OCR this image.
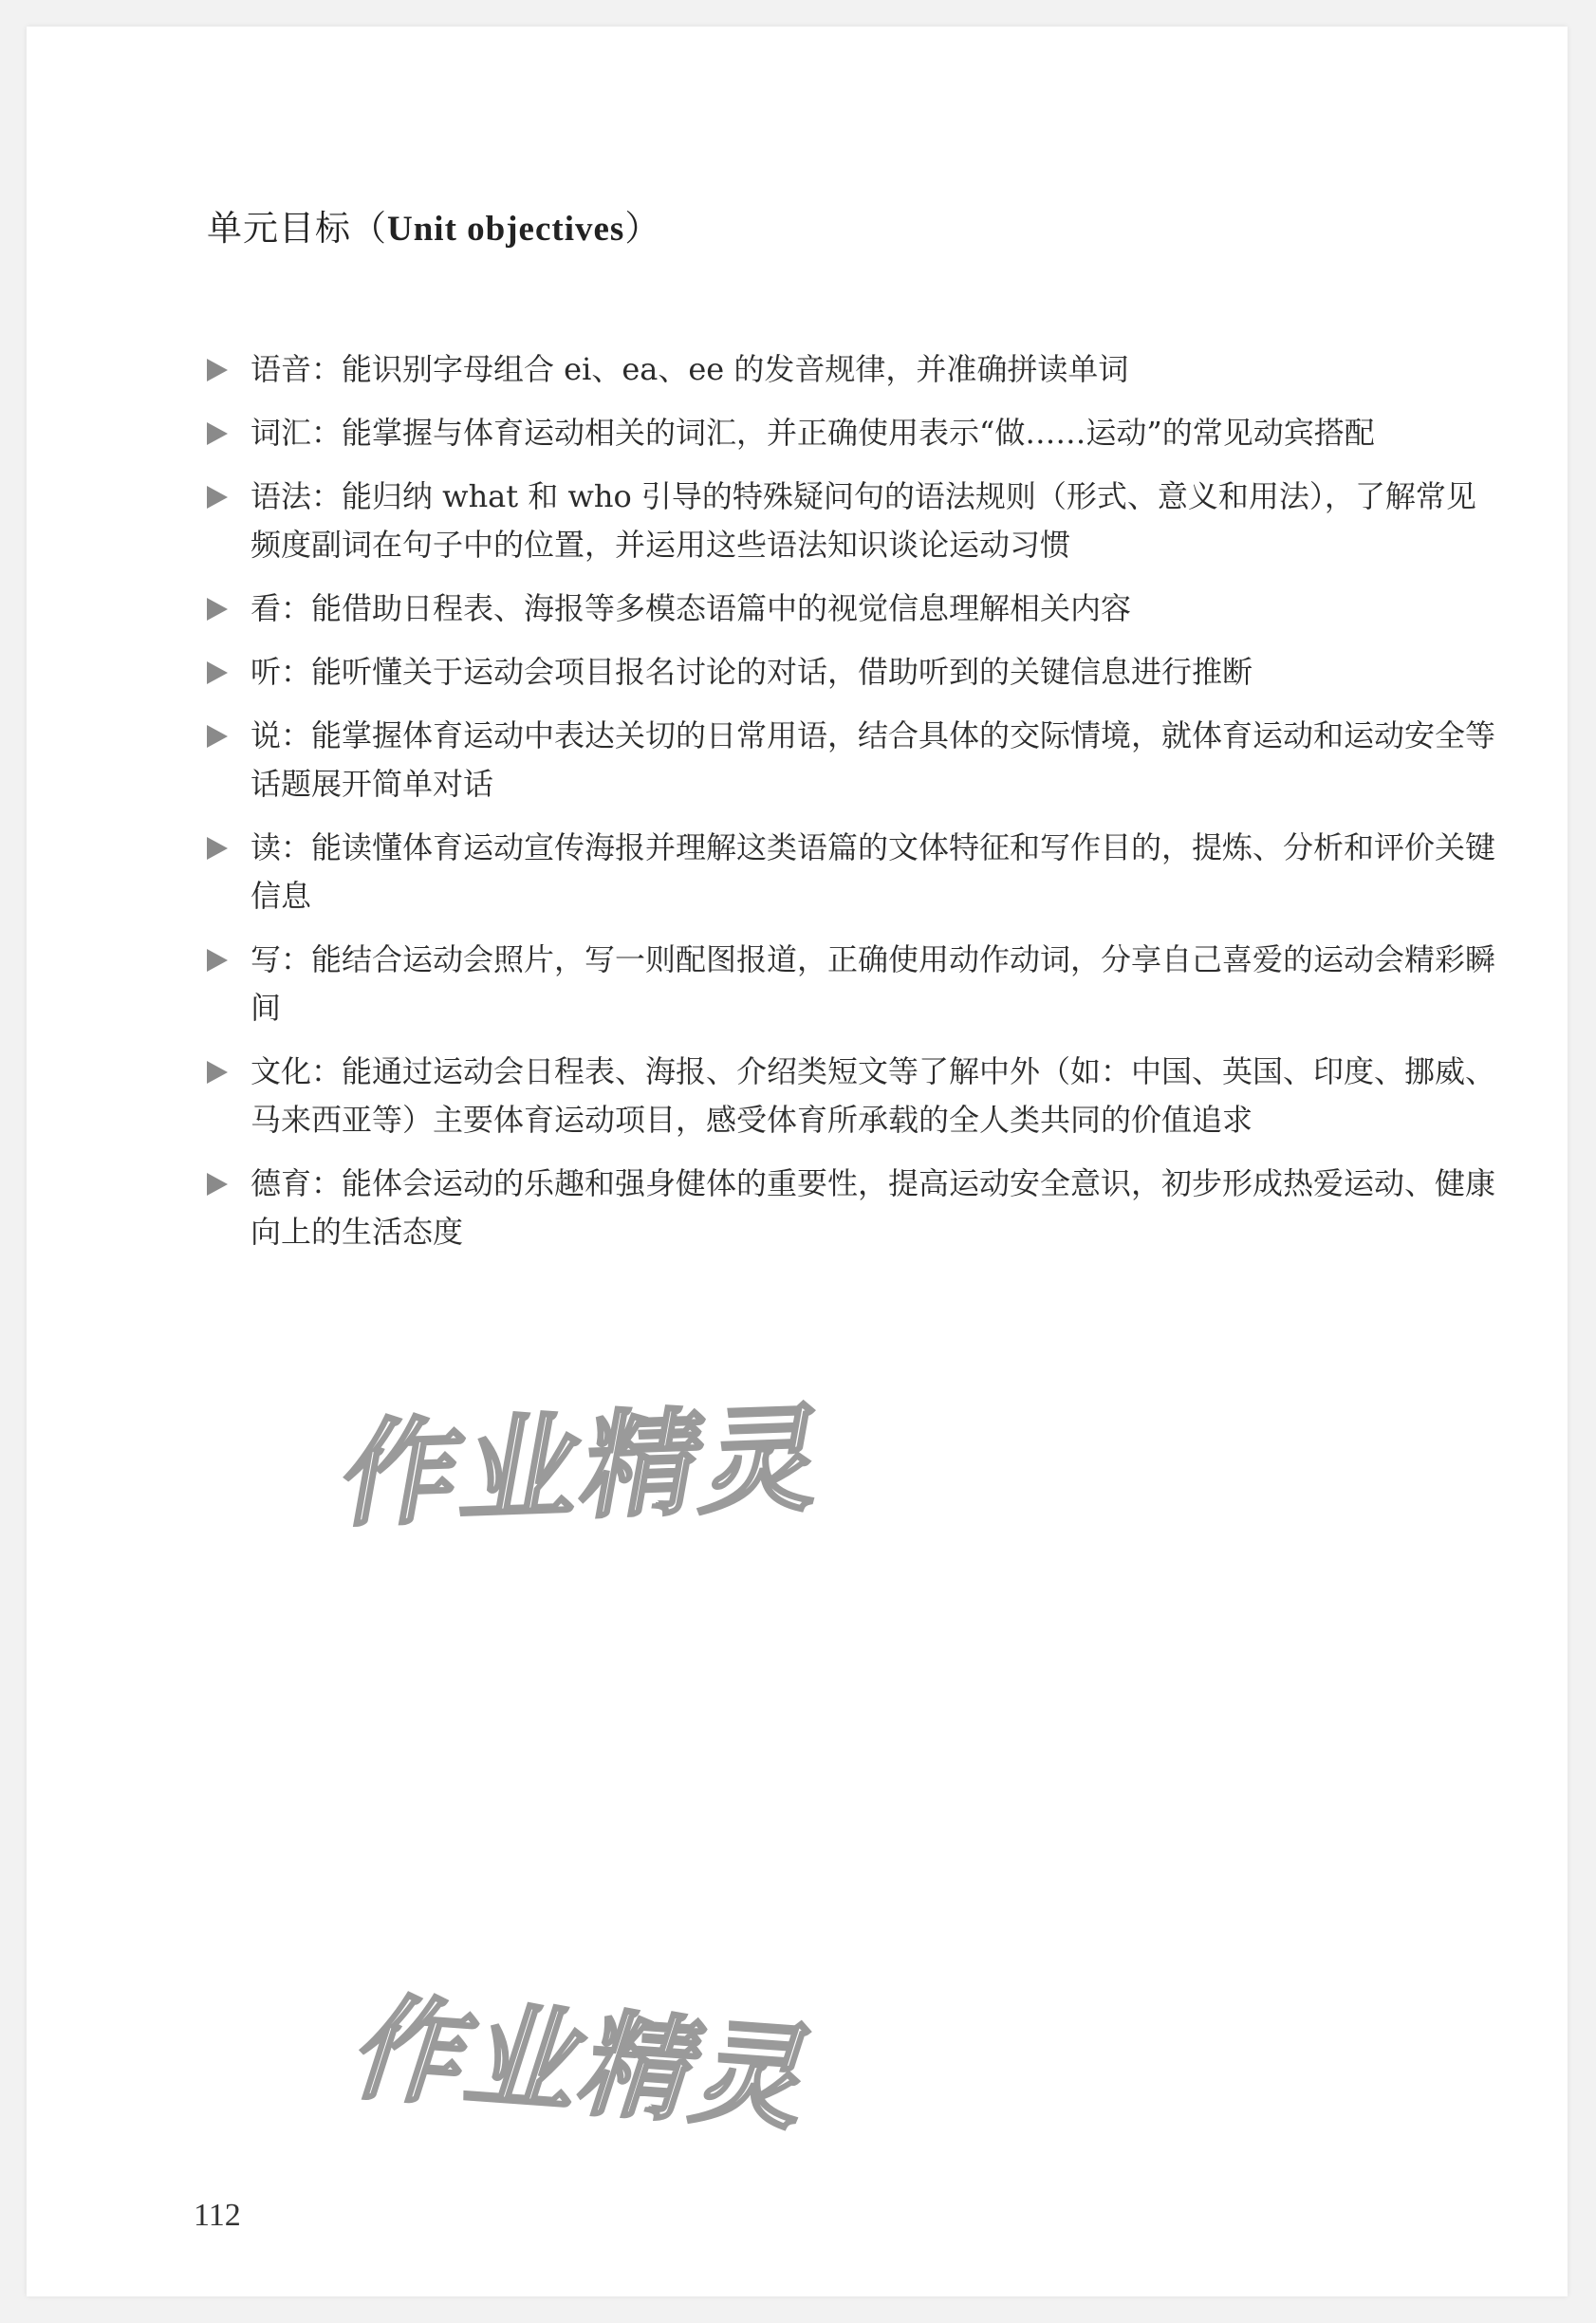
单元目标（Unit objectives）
语音：能识别字母组合 ei、ea、ee 的发音规律，并准确拼读单词
词汇：能掌握与体育运动相关的词汇，并正确使用表示“做……运动”的常见动宾搭配
语法：能归纳 what 和 who 引导的特殊疑问句的语法规则（形式、意义和用法），了解常见频度副词在句子中的位置，并运用这些语法知识谈论运动习惯
看：能借助日程表、海报等多模态语篇中的视觉信息理解相关内容
听：能听懂关于运动会项目报名讨论的对话，借助听到的关键信息进行推断
说：能掌握体育运动中表达关切的日常用语，结合具体的交际情境，就体育运动和运动安全等话题展开简单对话
读：能读懂体育运动宣传海报并理解这类语篇的文体特征和写作目的，提炼、分析和评价关键信息
写：能结合运动会照片，写一则配图报道，正确使用动作动词，分享自己喜爱的运动会精彩瞬间
文化：能通过运动会日程表、海报、介绍类短文等了解中外（如：中国、英国、印度、挪威、马来西亚等）主要体育运动项目，感受体育所承载的全人类共同的价值追求
德育：能体会运动的乐趣和强身健体的重要性，提高运动安全意识，初步形成热爱运动、健康向上的生活态度
作业精灵
作业精灵
112
